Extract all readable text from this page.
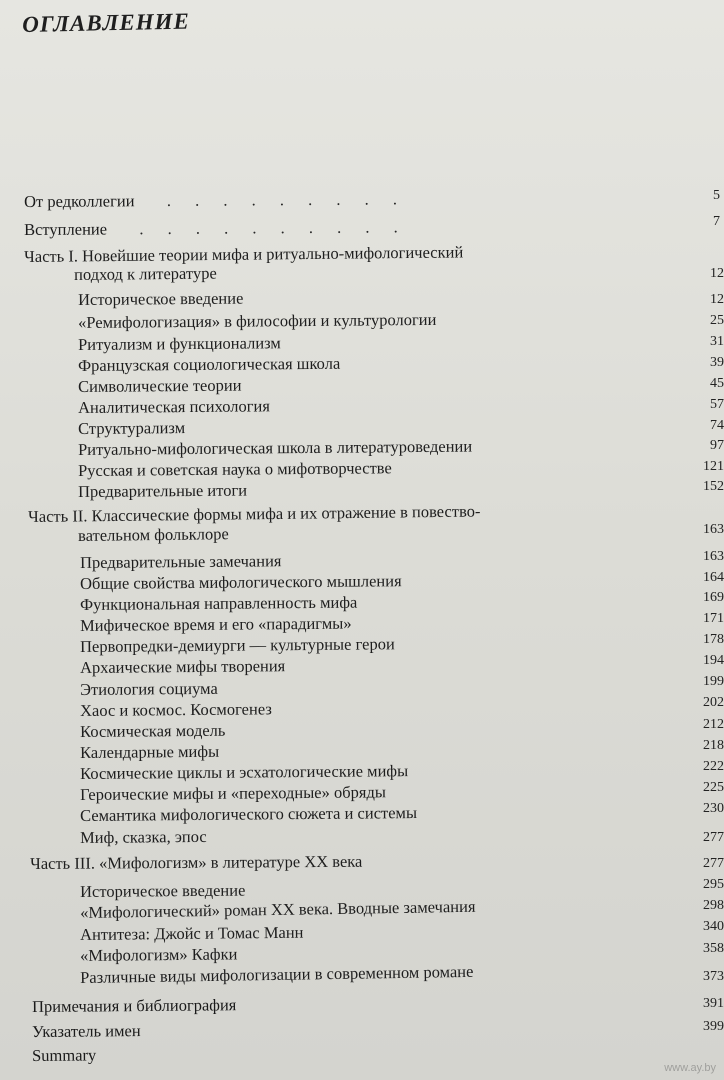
ОГЛАВЛЕНИЕ

От редколлегии   . . . . . . . . .	5
Вступление   . . . . . . . . . .	7
Часть I. Новейшие теории мифа и ритуально-мифологический
подход к литературе	12
Историческое введение	12
«Ремифологизация» в философии и культурологии	25
Ритуализм и функционализм	31
Французская социологическая школа	39
Символические теории	45
Аналитическая психология	57
Структурализм	74
Ритуально-мифологическая школа в литературоведении	97
Русская и советская наука о мифотворчестве	121
Предварительные итоги	152
Часть II. Классические формы мифа и их отражение в повество-
вательном фольклоре	163
Предварительные замечания	163
Общие свойства мифологического мышления	164
Функциональная направленность мифа	169
Мифическое время и его «парадигмы»	171
Первопредки-демиурги — культурные герои	178
Архаические мифы творения	194
Этиология социума	199
Хаос и космос. Космогенез	202
Космическая модель	212
Календарные мифы	218
Космические циклы и эсхатологические мифы	222
Героические мифы и «переходные» обряды	225
Семантика мифологического сюжета и системы	230
Миф, сказка, эпос	277
Часть III. «Мифологизм» в литературе XX века	277
Историческое введение	295
«Мифологический» роман XX века. Вводные замечания	298
Антитеза: Джойс и Томас Манн	340
«Мифологизм» Кафки	358
Различные виды мифологизации в современном романе	373
Примечания и библиография	391
Указатель имен	399
Summary
www.ay.by
